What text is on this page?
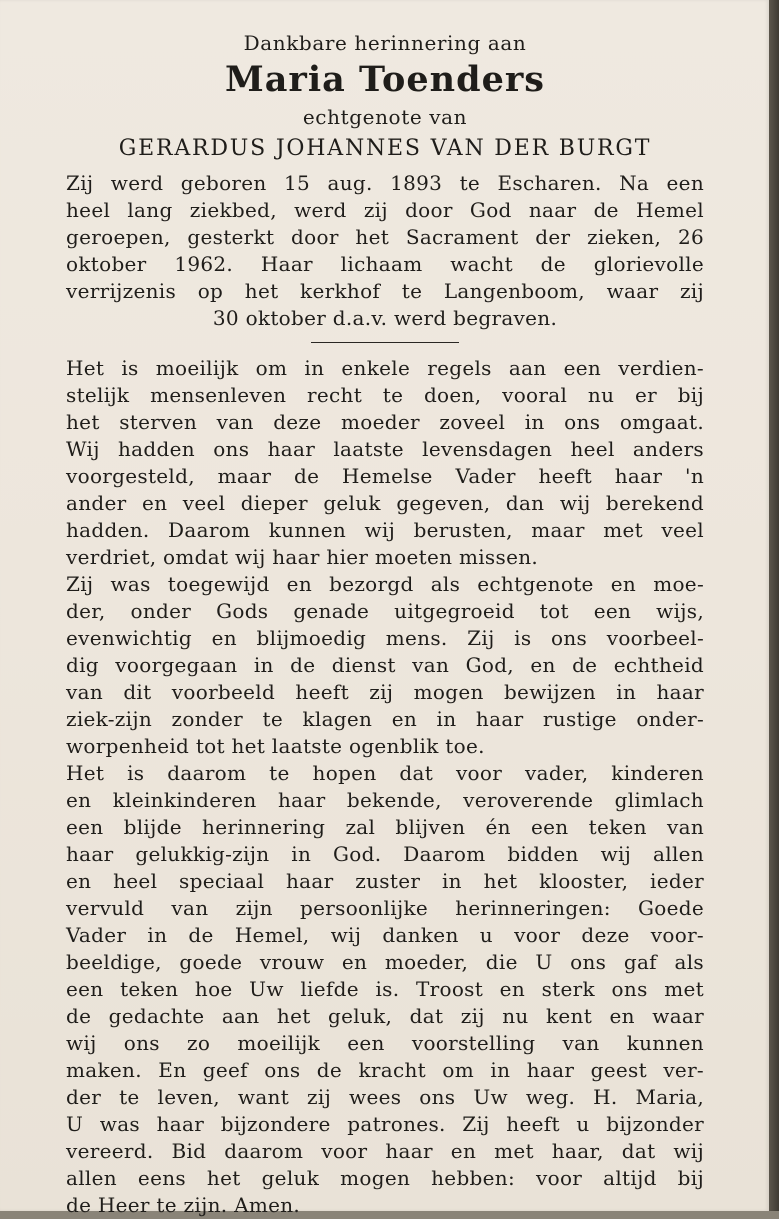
Dankbare herinnering aan
Maria Toenders
echtgenote van
GERARDUS JOHANNES VAN DER BURGT
Zij werd geboren 15 aug. 1893 te Escharen. Na een
heel lang ziekbed, werd zij door God naar de Hemel
geroepen, gesterkt door het Sacrament der zieken, 26
oktober 1962. Haar lichaam wacht de glorievolle
verrijzenis op het kerkhof te Langenboom, waar zij
30 oktober d.a.v. werd begraven.
Het is moeilijk om in enkele regels aan een verdien-
stelijk mensenleven recht te doen, vooral nu er bij
het sterven van deze moeder zoveel in ons omgaat.
Wij hadden ons haar laatste levensdagen heel anders
voorgesteld, maar de Hemelse Vader heeft haar 'n
ander en veel dieper geluk gegeven, dan wij berekend
hadden. Daarom kunnen wij berusten, maar met veel
verdriet, omdat wij haar hier moeten missen.
Zij was toegewijd en bezorgd als echtgenote en moe-
der, onder Gods genade uitgegroeid tot een wijs,
evenwichtig en blijmoedig mens. Zij is ons voorbeel-
dig voorgegaan in de dienst van God, en de echtheid
van dit voorbeeld heeft zij mogen bewijzen in haar
ziek-zijn zonder te klagen en in haar rustige onder-
worpenheid tot het laatste ogenblik toe.
Het is daarom te hopen dat voor vader, kinderen
en kleinkinderen haar bekende, veroverende glimlach
een blijde herinnering zal blijven én een teken van
haar gelukkig-zijn in God. Daarom bidden wij allen
en heel speciaal haar zuster in het klooster, ieder
vervuld van zijn persoonlijke herinneringen: Goede
Vader in de Hemel, wij danken u voor deze voor-
beeldige, goede vrouw en moeder, die U ons gaf als
een teken hoe Uw liefde is. Troost en sterk ons met
de gedachte aan het geluk, dat zij nu kent en waar
wij ons zo moeilijk een voorstelling van kunnen
maken. En geef ons de kracht om in haar geest ver-
der te leven, want zij wees ons Uw weg. H. Maria,
U was haar bijzondere patrones. Zij heeft u bijzonder
vereerd. Bid daarom voor haar en met haar, dat wij
allen eens het geluk mogen hebben: voor altijd bij
de Heer te zijn. Amen.
